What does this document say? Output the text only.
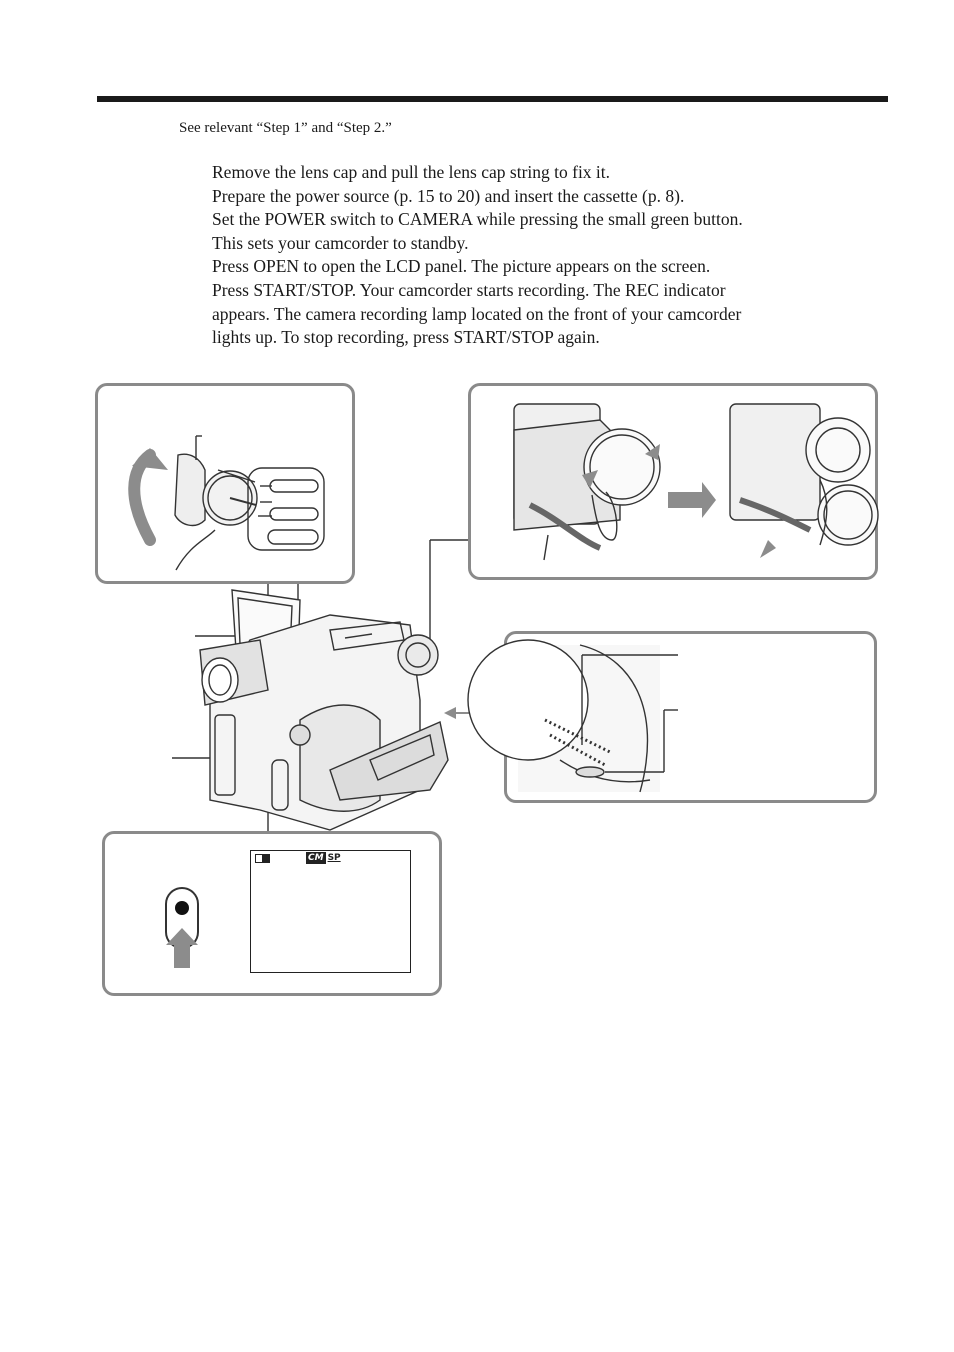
See relevant “Step 1” and “Step 2.”
Remove the lens cap and pull the lens cap string to fix it.
Prepare the power source (p. 15 to 20) and insert the cassette (p. 8).
Set the POWER switch to CAMERA while pressing the small green button.
This sets your camcorder to standby.
Press OPEN to open the LCD panel. The picture appears on the screen.
Press START/STOP. Your camcorder starts recording. The REC indicator
appears. The camera recording lamp located on the front of your camcorder
lights up. To stop recording, press START/STOP again.
CM SP
